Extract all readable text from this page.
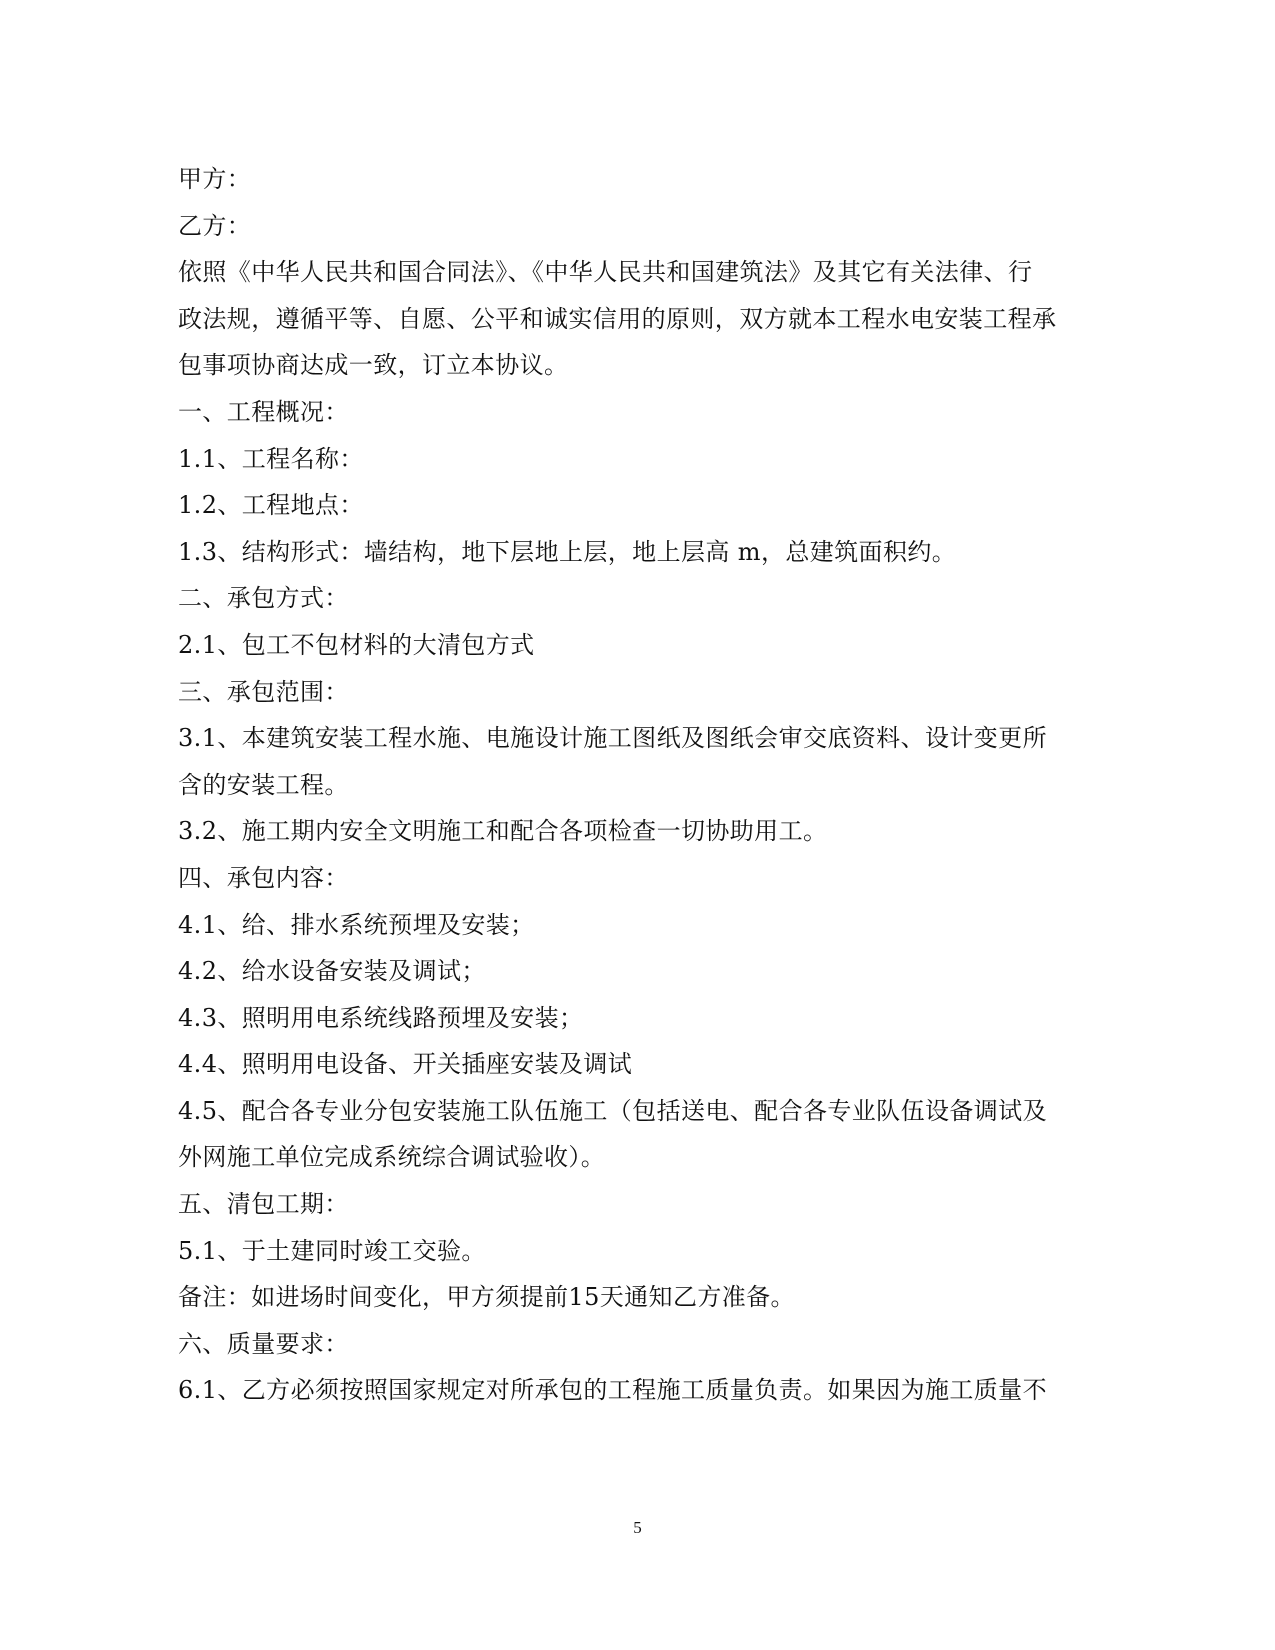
甲方：
乙方：
依照《中华人民共和国合同法》、《中华人民共和国建筑法》及其它有关法律、行
政法规，遵循平等、自愿、公平和诚实信用的原则，双方就本工程水电安装工程承
包事项协商达成一致，订立本协议。
一、工程概况：
1.1、工程名称：
1.2、工程地点：
1.3、结构形式：墙结构，地下层地上层，地上层高 m，总建筑面积约。
二、承包方式：
2.1、包工不包材料的大清包方式
三、承包范围：
3.1、本建筑安装工程水施、电施设计施工图纸及图纸会审交底资料、设计变更所
含的安装工程。
3.2、施工期内安全文明施工和配合各项检查一切协助用工。
四、承包内容：
4.1、给、排水系统预埋及安装；
4.2、给水设备安装及调试；
4.3、照明用电系统线路预埋及安装；
4.4、照明用电设备、开关插座安装及调试
4.5、配合各专业分包安装施工队伍施工（包括送电、配合各专业队伍设备调试及
外网施工单位完成系统综合调试验收）。
五、清包工期：
5.1、于土建同时竣工交验。
备注：如进场时间变化，甲方须提前15天通知乙方准备。
六、质量要求：
6.1、乙方必须按照国家规定对所承包的工程施工质量负责。如果因为施工质量不
5
